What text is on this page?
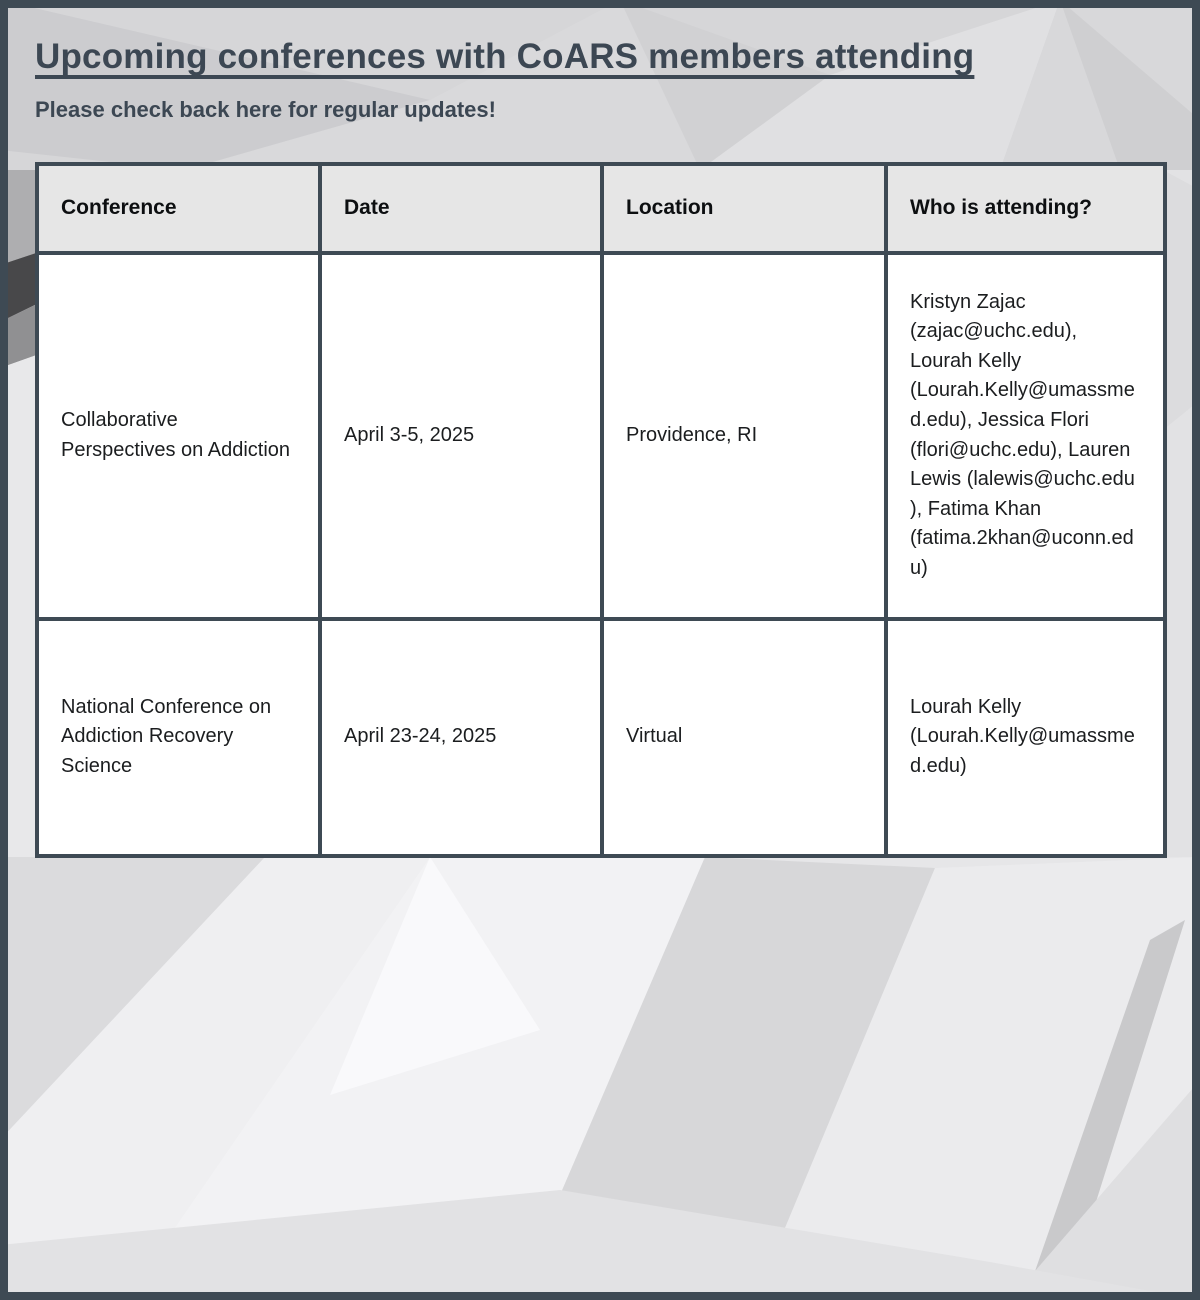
Upcoming conferences with CoARS members attending

Please check back here for regular updates!

Conference	Date	Location	Who is attending?
Collaborative Perspectives on Addiction	April 3-5, 2025	Providence, RI	Kristyn Zajac (zajac@uchc.edu), Lourah Kelly (Lourah.Kelly@umassmed.edu), Jessica Flori (flori@uchc.edu), Lauren Lewis (lalewis@uchc.edu ), Fatima Khan (fatima.2khan@uconn.edu)
National Conference on Addiction Recovery Science	April 23-24, 2025	Virtual	Lourah Kelly (Lourah.Kelly@umassmed.edu)
